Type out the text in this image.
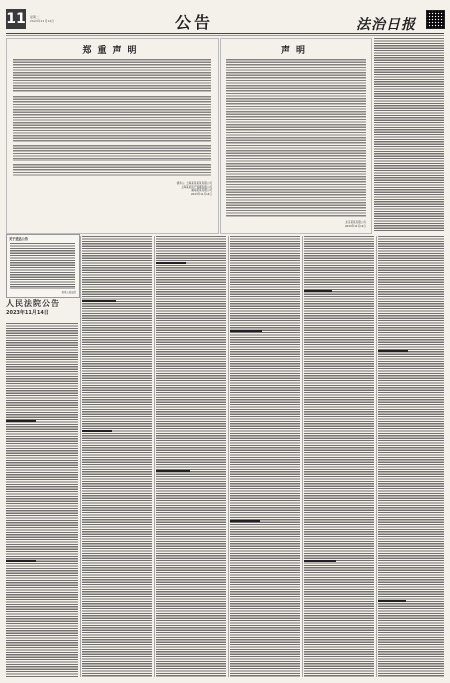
11 星期二
2023年11月14日	公告	法治日报
郑重声明
债务人: 上海某某某某有限公司
上海某某资产管理有限公司
湖南某某有限公司
2023年11月14日
声明
北京某某有限公司
2023年11月14日
关于送达公告
某某人民法院
人民法院公告
2023年11月14日
